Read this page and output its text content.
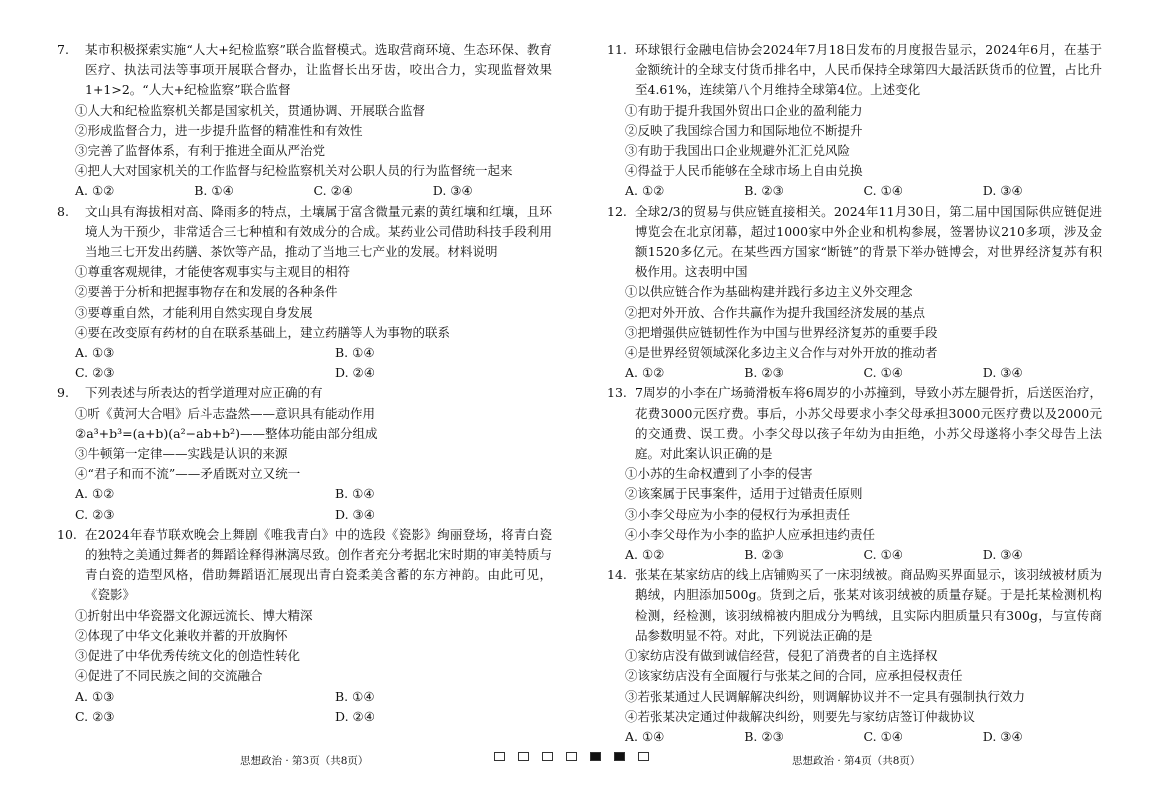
7. 某市积极探索实施“人大+纪检监察”联合监督模式。选取营商环境、生态环保、教育医疗、执法司法等事项开展联合督办，让监督长出牙齿，咬出合力，实现监督效果1+1>2。“人大+纪检监察”联合监督
①人大和纪检监察机关都是国家机关，贯通协调、开展联合监督
②形成监督合力，进一步提升监督的精准性和有效性
③完善了监督体系，有利于推进全面从严治党
④把人大对国家机关的工作监督与纪检监察机关对公职人员的行为监督统一起来
A. ①②	B. ①④	C. ②④	D. ③④
8. 文山具有海拔相对高、降雨多的特点，土壤属于富含微量元素的黄红壤和红壤，且环境人为干预少，非常适合三七种植和有效成分的合成。某药业公司借助科技手段利用当地三七开发出药膳、茶饮等产品，推动了当地三七产业的发展。材料说明
①尊重客观规律，才能使客观事实与主观目的相符
②要善于分析和把握事物存在和发展的各种条件
③要尊重自然，才能利用自然实现自身发展
④要在改变原有药材的自在联系基础上，建立药膳等人为事物的联系
A. ①③	B. ①④
C. ②③	D. ②④
9. 下列表述与所表达的哲学道理对应正确的有
①听《黄河大合唱》后斗志盎然——意识具有能动作用
②a³+b³=(a+b)(a²−ab+b²)——整体功能由部分组成
③牛顿第一定律——实践是认识的来源
④“君子和而不流”——矛盾既对立又统一
A. ①②	B. ①④
C. ②③	D. ③④
10. 在2024年春节联欢晚会上舞剧《唯我青白》中的选段《瓷影》绚丽登场，将青白瓷的独特之美通过舞者的舞蹈诠释得淋漓尽致。创作者充分考据北宋时期的审美特质与青白瓷的造型风格，借助舞蹈语汇展现出青白瓷柔美含蓄的东方神韵。由此可见，《瓷影》
①折射出中华瓷器文化源远流长、博大精深
②体现了中华文化兼收并蓄的开放胸怀
③促进了中华优秀传统文化的创造性转化
④促进了不同民族之间的交流融合
A. ①③	B. ①④
C. ②③	D. ②④
11. 环球银行金融电信协会2024年7月18日发布的月度报告显示，2024年6月，在基于金额统计的全球支付货币排名中，人民币保持全球第四大最活跃货币的位置，占比升至4.61%，连续第八个月维持全球第4位。上述变化
①有助于提升我国外贸出口企业的盈利能力
②反映了我国综合国力和国际地位不断提升
③有助于我国出口企业规避外汇汇兑风险
④得益于人民币能够在全球市场上自由兑换
A. ①②	B. ②③	C. ①④	D. ③④
12. 全球2/3的贸易与供应链直接相关。2024年11月30日，第二届中国国际供应链促进博览会在北京闭幕，超过1000家中外企业和机构参展，签署协议210多项，涉及金额1520多亿元。在某些西方国家“断链”的背景下举办链博会，对世界经济复苏有积极作用。这表明中国
①以供应链合作为基础构建并践行多边主义外交理念
②把对外开放、合作共赢作为提升我国经济发展的基点
③把增强供应链韧性作为中国与世界经济复苏的重要手段
④是世界经贸领域深化多边主义合作与对外开放的推动者
A. ①②	B. ②③	C. ①④	D. ③④
13. 7周岁的小李在广场骑滑板车将6周岁的小苏撞到，导致小苏左腿骨折，后送医治疗，花费3000元医疗费。事后，小苏父母要求小李父母承担3000元医疗费以及2000元的交通费、误工费。小李父母以孩子年幼为由拒绝，小苏父母遂将小李父母告上法庭。对此案认识正确的是
①小苏的生命权遭到了小李的侵害
②该案属于民事案件，适用于过错责任原则
③小李父母应为小李的侵权行为承担责任
④小李父母作为小李的监护人应承担违约责任
A. ①②	B. ②③	C. ①④	D. ③④
14. 张某在某家纺店的线上店铺购买了一床羽绒被。商品购买界面显示，该羽绒被材质为鹅绒，内胆添加500g。货到之后，张某对该羽绒被的质量存疑。于是托某检测机构检测，经检测，该羽绒棉被内胆成分为鸭绒，且实际内胆质量只有300g，与宣传商品参数明显不符。对此，下列说法正确的是
①家纺店没有做到诚信经营，侵犯了消费者的自主选择权
②该家纺店没有全面履行与张某之间的合同，应承担侵权责任
③若张某通过人民调解解决纠纷，则调解协议并不一定具有强制执行效力
④若张某决定通过仲裁解决纠纷，则要先与家纺店签订仲裁协议
A. ①④	B. ②③	C. ①④	D. ③④
思想政治 · 第3页（共8页）	思想政治 · 第4页（共8页）
